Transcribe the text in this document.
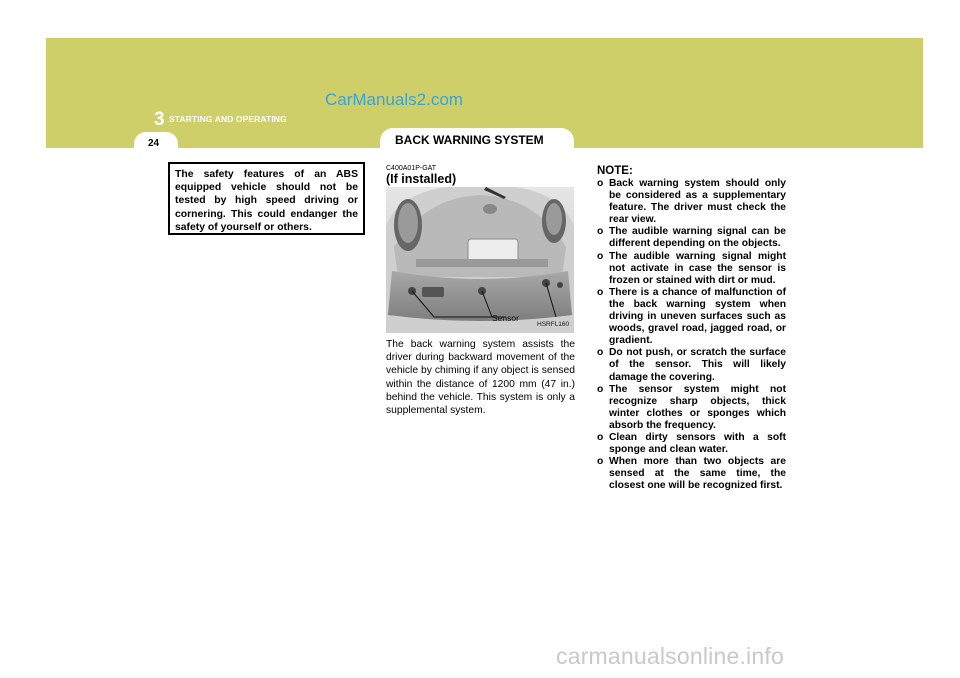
CarManuals2.com
3 STARTING AND OPERATING
24	BACK WARNING SYSTEM
The safety features of an ABS equipped vehicle should not be tested by high speed driving or cornering. This could endanger the safety of yourself or others.
C400A01P-GAT
(If installed)
Sensor
HSRFL160
The back warning system assists the driver during backward movement of the vehicle by chiming if any object is sensed within the distance of 1200 mm (47 in.) behind the vehicle. This system is only a supplemental system.
NOTE:
o Back warning system should only be considered as a supplementary feature. The driver must check the rear view.
o The audible warning signal can be different depending on the objects.
o The audible warning signal might not activate in case the sensor is frozen or stained with dirt or mud.
o There is a chance of malfunction of the back warning system when driving in uneven surfaces such as woods, gravel road, jagged road, or gradient.
o Do not push, or scratch the surface of the sensor. This will likely damage the covering.
o The sensor system might not recognize sharp objects, thick winter clothes or sponges which absorb the frequency.
o Clean dirty sensors with a soft sponge and clean water.
o When more than two objects are sensed at the same time, the closest one will be recognized first.
carmanualsonline.info
